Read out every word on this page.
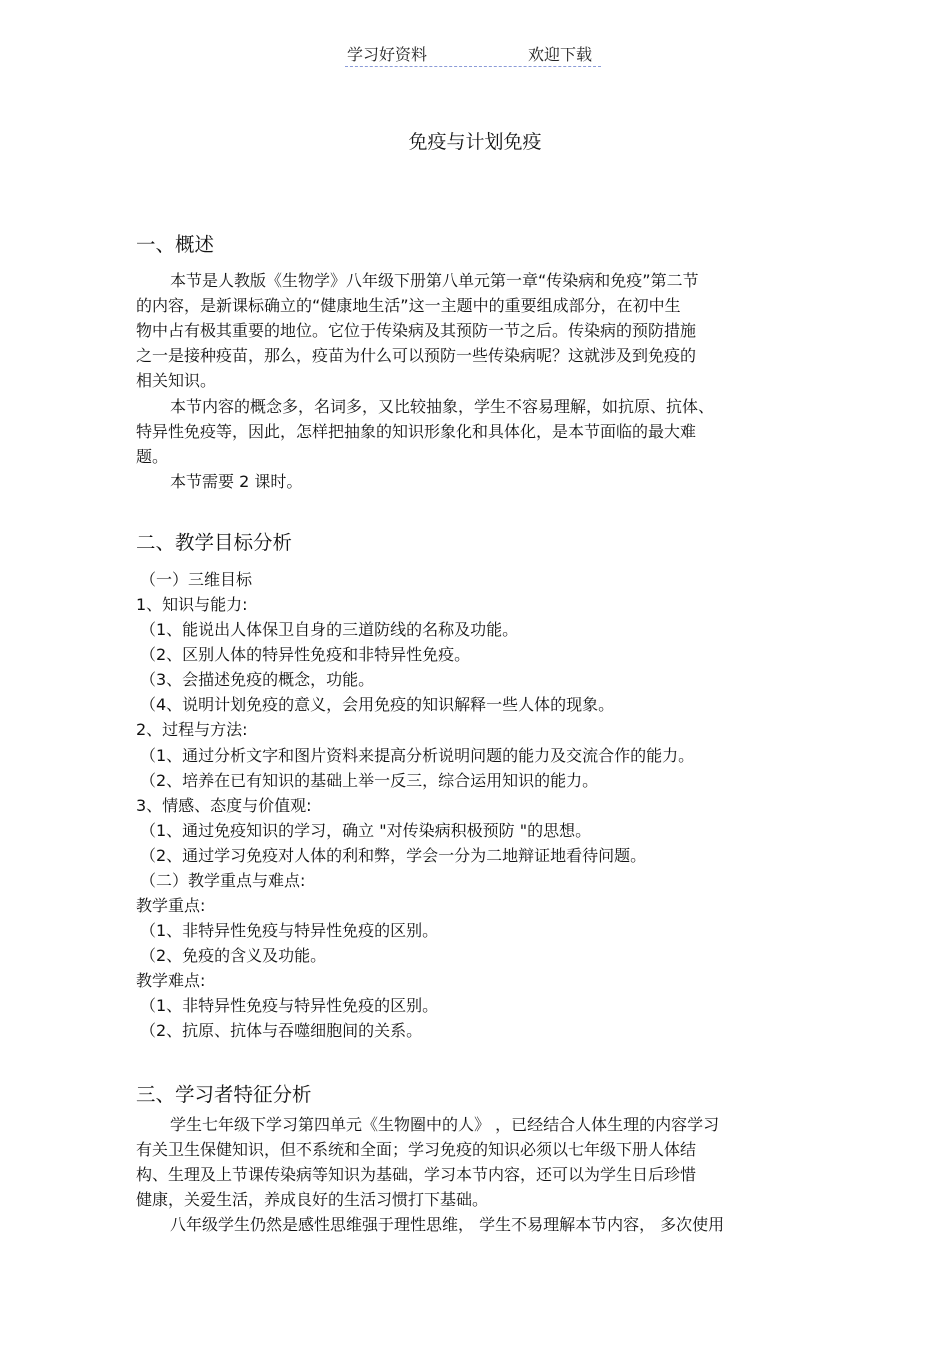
学习好资料	欢迎下载
免疫与计划免疫
一、概述
本节是人教版《生物学》八年级下册第八单元第一章“传染病和免疫”第二节
的内容，是新课标确立的“健康地生活”这一主题中的重要组成部分，在初中生
物中占有极其重要的地位。它位于传染病及其预防一节之后。传染病的预防措施
之一是接种疫苗，那么，疫苗为什么可以预防一些传染病呢？这就涉及到免疫的
相关知识。
本节内容的概念多，名词多，又比较抽象，学生不容易理解，如抗原、抗体、
特异性免疫等，因此，怎样把抽象的知识形象化和具体化，是本节面临的最大难
题。
本节需要 2 课时。
二、教学目标分析
（一）三维目标
1、知识与能力:
（1、能说出人体保卫自身的三道防线的名称及功能。
（2、区别人体的特异性免疫和非特异性免疫。
（3、会描述免疫的概念，功能。
（4、说明计划免疫的意义，会用免疫的知识解释一些人体的现象。
2、过程与方法:
（1、通过分析文字和图片资料来提高分析说明问题的能力及交流合作的能力。
（2、培养在已有知识的基础上举一反三，综合运用知识的能力。
3、情感、态度与价值观:
（1、通过免疫知识的学习，确立 "对传染病积极预防 "的思想。
（2、通过学习免疫对人体的利和弊，学会一分为二地辩证地看待问题。
（二）教学重点与难点:
教学重点:
（1、非特异性免疫与特异性免疫的区别。
（2、免疫的含义及功能。
教学难点:
（1、非特异性免疫与特异性免疫的区别。
（2、抗原、抗体与吞噬细胞间的关系。
三、学习者特征分析
学生七年级下学习第四单元《生物圈中的人》 ，已经结合人体生理的内容学习
有关卫生保健知识，但不系统和全面；学习免疫的知识必须以七年级下册人体结
构、生理及上节课传染病等知识为基础，学习本节内容，还可以为学生日后珍惜
健康，关爱生活，养成良好的生活习惯打下基础。
八年级学生仍然是感性思维强于理性思维， 学生不易理解本节内容， 多次使用
